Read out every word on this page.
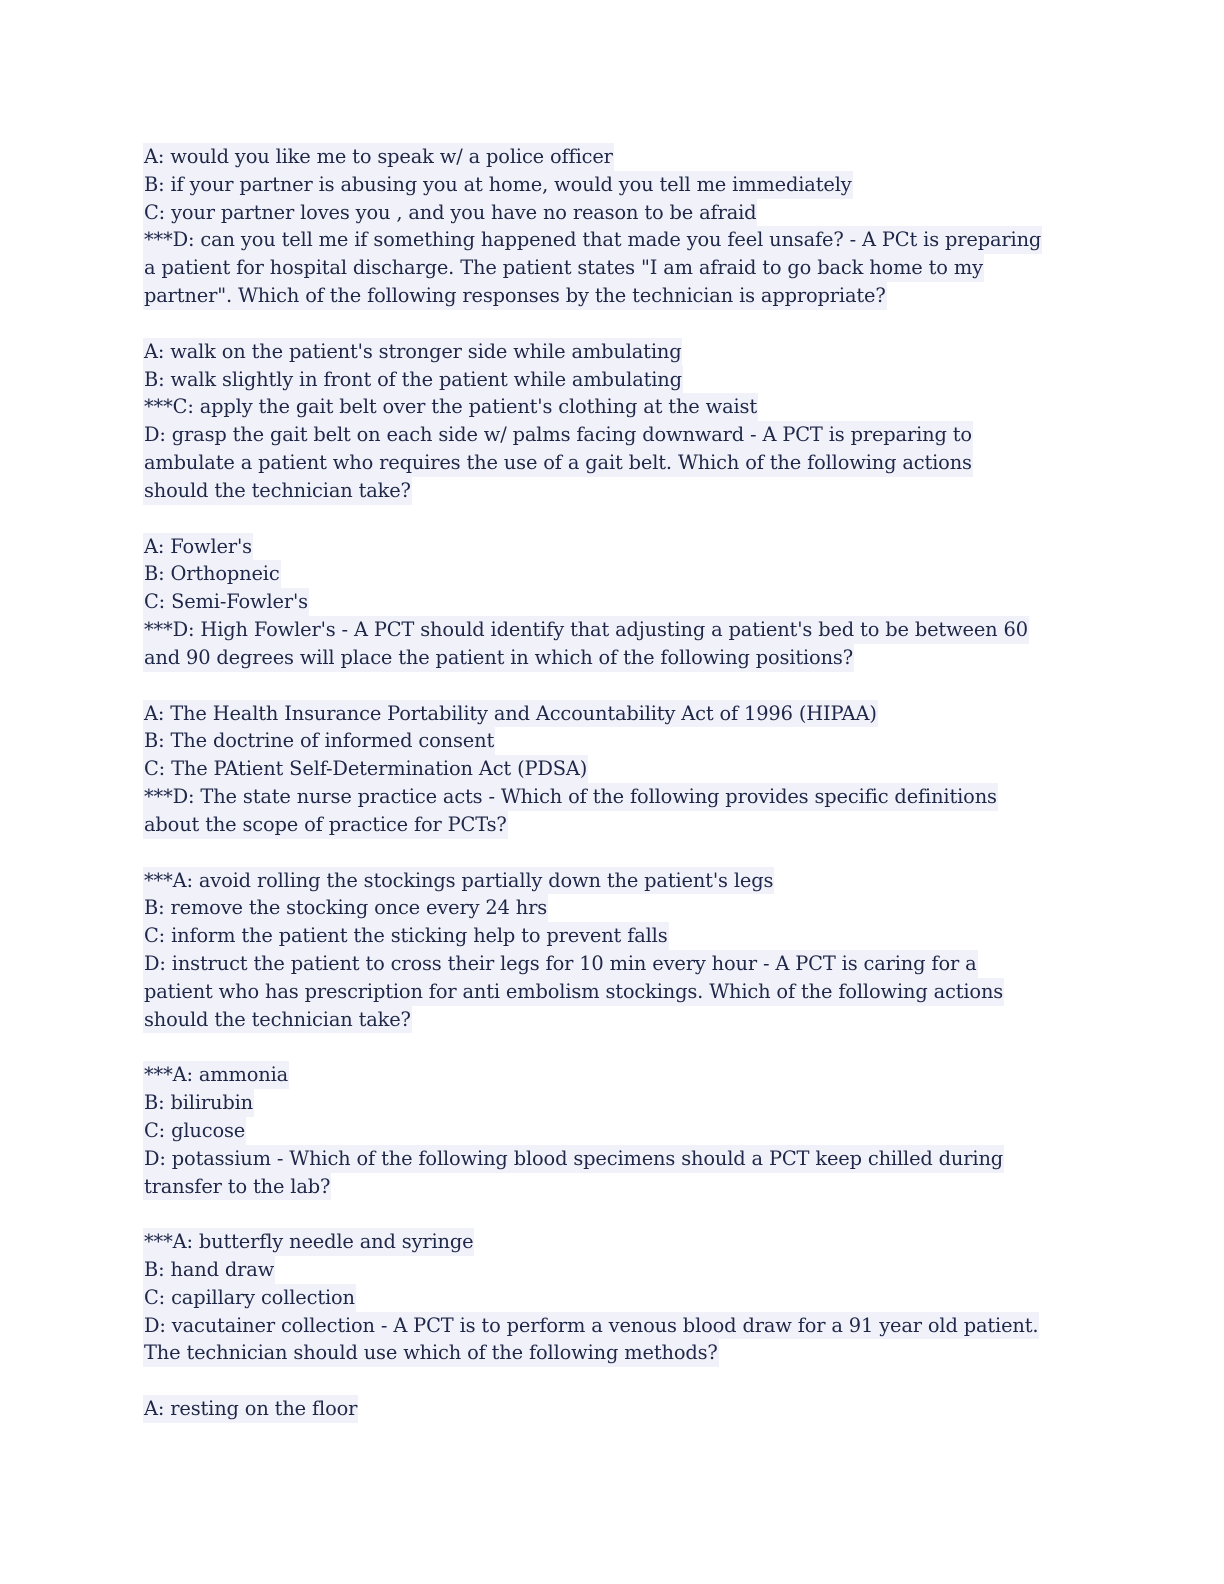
A: would you like me to speak w/ a police officer
B: if your partner is abusing you at home, would you tell me immediately
C: your partner loves you , and you have no reason to be afraid
***D: can you tell me if something happened that made you feel unsafe? - A PCt is preparing
a patient for hospital discharge. The patient states "I am afraid to go back home to my
partner". Which of the following responses by the technician is appropriate?
A: walk on the patient's stronger side while ambulating
B: walk slightly in front of the patient while ambulating
***C: apply the gait belt over the patient's clothing at the waist
D: grasp the gait belt on each side w/ palms facing downward - A PCT is preparing to
ambulate a patient who requires the use of a gait belt. Which of the following actions
should the technician take?
A: Fowler's
B: Orthopneic
C: Semi-Fowler's
***D: High Fowler's - A PCT should identify that adjusting a patient's bed to be between 60
and 90 degrees will place the patient in which of the following positions?
A: The Health Insurance Portability and Accountability Act of 1996 (HIPAA)
B: The doctrine of informed consent
C: The PAtient Self-Determination Act (PDSA)
***D: The state nurse practice acts - Which of the following provides specific definitions
about the scope of practice for PCTs?
***A: avoid rolling the stockings partially down the patient's legs
B: remove the stocking once every 24 hrs
C: inform the patient the sticking help to prevent falls
D: instruct the patient to cross their legs for 10 min every hour - A PCT is caring for a
patient who has prescription for anti embolism stockings. Which of the following actions
should the technician take?
***A: ammonia
B: bilirubin
C: glucose
D: potassium - Which of the following blood specimens should a PCT keep chilled during
transfer to the lab?
***A: butterfly needle and syringe
B: hand draw
C: capillary collection
D: vacutainer collection - A PCT is to perform a venous blood draw for a 91 year old patient.
The technician should use which of the following methods?
A: resting on the floor
